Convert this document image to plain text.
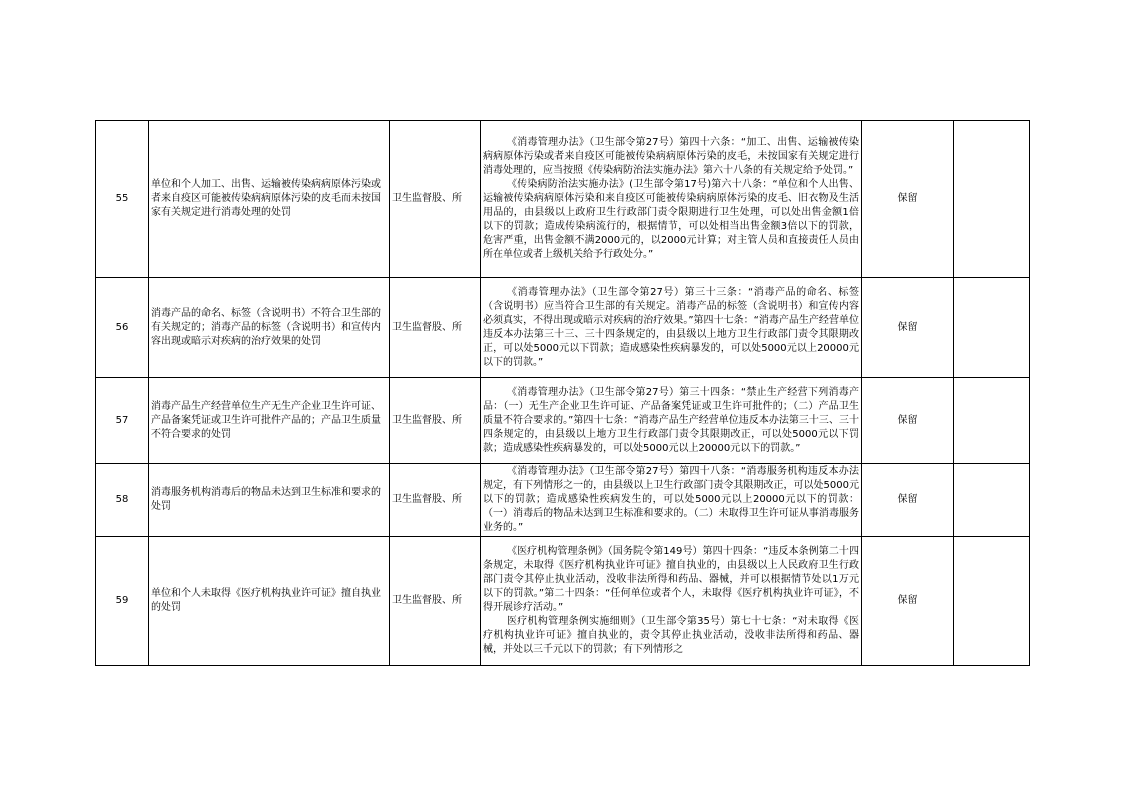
55	单位和个人加工、出售、运输被传染病病原体污染或者来自疫区可能被传染病病原体污染的皮毛而未按国家有关规定进行消毒处理的处罚	卫生监督股、所	《消毒管理办法》（卫生部令第27号）第四十六条：“加工、出售、运输被传染病病原体污染或者来自疫区可能被传染病病原体污染的皮毛，未按国家有关规定进行消毒处理的，应当按照《传染病防治法实施办法》第六十八条的有关规定给予处罚。”

《传染病防治法实施办法》(卫生部令第17号)第六十八条：“单位和个人出售、运输被传染病病原体污染和来自疫区可能被传染病病原体污染的皮毛、旧衣物及生活用品的，由县级以上政府卫生行政部门责令限期进行卫生处理，可以处出售金额1倍以下的罚款；造成传染病流行的，根据情节，可以处相当出售金额3倍以下的罚款，危害严重，出售金额不满2000元的，以2000元计算；对主管人员和直接责任人员由所在单位或者上级机关给予行政处分。”	保留	
56	消毒产品的命名、标签（含说明书）不符合卫生部的有关规定的；消毒产品的标签（含说明书）和宣传内容出现或暗示对疾病的治疗效果的处罚	卫生监督股、所	《消毒管理办法》（卫生部令第27号）第三十三条：“消毒产品的命名、标签（含说明书）应当符合卫生部的有关规定。消毒产品的标签（含说明书）和宣传内容必须真实，不得出现或暗示对疾病的治疗效果。”第四十七条：“消毒产品生产经营单位违反本办法第三十三、三十四条规定的，由县级以上地方卫生行政部门责令其限期改正，可以处5000元以下罚款；造成感染性疾病暴发的，可以处5000元以上20000元以下的罚款。”	保留	
57	消毒产品生产经营单位生产无生产企业卫生许可证、产品备案凭证或卫生许可批件产品的；产品卫生质量不符合要求的处罚	卫生监督股、所	《消毒管理办法》（卫生部令第27号）第三十四条：“禁止生产经营下列消毒产品：（一）无生产企业卫生许可证、产品备案凭证或卫生许可批件的；（二）产品卫生质量不符合要求的。”第四十七条：“消毒产品生产经营单位违反本办法第三十三、三十四条规定的，由县级以上地方卫生行政部门责令其限期改正，可以处5000元以下罚款；造成感染性疾病暴发的，可以处5000元以上20000元以下的罚款。”	保留	
58	消毒服务机构消毒后的物品未达到卫生标准和要求的处罚	卫生监督股、所	《消毒管理办法》（卫生部令第27号）第四十八条：“消毒服务机构违反本办法规定，有下列情形之一的，由县级以上卫生行政部门责令其限期改正，可以处5000元以下的罚款；造成感染性疾病发生的，可以处5000元以上20000元以下的罚款：（一）消毒后的物品未达到卫生标准和要求的。（二）未取得卫生许可证从事消毒服务业务的。”	保留	
59	单位和个人未取得《医疗机构执业许可证》擅自执业的处罚	卫生监督股、所	《医疗机构管理条例》（国务院令第149号）第四十四条：“违反本条例第二十四条规定，未取得《医疗机构执业许可证》擅自执业的，由县级以上人民政府卫生行政部门责令其停止执业活动，没收非法所得和药品、器械，并可以根据情节处以1万元以下的罚款。”第二十四条：“任何单位或者个人，未取得《医疗机构执业许可证》，不得开展诊疗活动。”

医疗机构管理条例实施细则》（卫生部令第35号）第七十七条：“对未取得《医疗机构执业许可证》擅自执业的，责令其停止执业活动，没收非法所得和药品、器械，并处以三千元以下的罚款；有下列情形之	保留	
